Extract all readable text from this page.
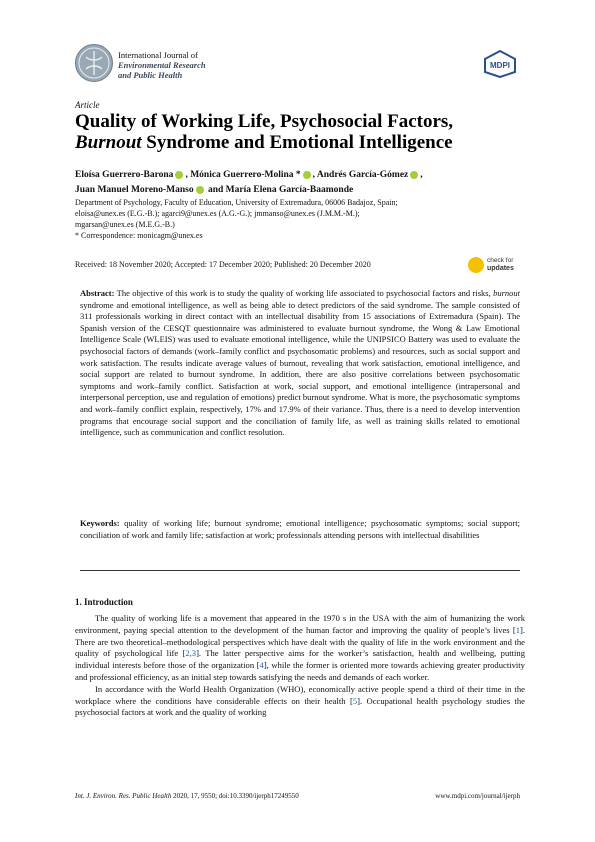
International Journal of
Environmental Research
and Public Health
MDPI
Article
Quality of Working Life, Psychosocial Factors,
Burnout Syndrome and Emotional Intelligence
Eloísa Guerrero-Barona , Mónica Guerrero-Molina * , Andrés García-Gómez ,
Juan Manuel Moreno-Manso and María Elena García-Baamonde
Department of Psychology, Faculty of Education, University of Extremadura, 06006 Badajoz, Spain;
eloisa@unex.es (E.G.-B.); agarci9@unex.es (A.G.-G.); jmmanso@unex.es (J.M.M.-M.);
mgarsan@unex.es (M.E.G.-B.)
* Correspondence: monicagm@unex.es
Received: 18 November 2020; Accepted: 17 December 2020; Published: 20 December 2020	check for
updates
Abstract: The objective of this work is to study the quality of working life associated to psychosocial factors and risks, burnout syndrome and emotional intelligence, as well as being able to detect predictors of the said syndrome. The sample consisted of 311 professionals working in direct contact with an intellectual disability from 15 associations of Extremadura (Spain). The Spanish version of the CESQT questionnaire was administered to evaluate burnout syndrome, the Wong & Law Emotional Intelligence Scale (WLEIS) was used to evaluate emotional intelligence, while the UNIPSICO Battery was used to evaluate the psychosocial factors of demands (work–family conflict and psychosomatic problems) and resources, such as social support and work satisfaction. The results indicate average values of burnout, revealing that work satisfaction, emotional intelligence, and social support are related to burnout syndrome. In addition, there are also positive correlations between psychosomatic symptoms and work–family conflict. Satisfaction at work, social support, and emotional intelligence (intrapersonal and interpersonal perception, use and regulation of emotions) predict burnout syndrome. What is more, the psychosomatic symptoms and work–family conflict explain, respectively, 17% and 17.9% of their variance. Thus, there is a need to develop intervention programs that encourage social support and the conciliation of family life, as well as training skills related to emotional intelligence, such as communication and conflict resolution.
Keywords: quality of working life; burnout syndrome; emotional intelligence; psychosomatic symptoms; social support; conciliation of work and family life; satisfaction at work; professionals attending persons with intellectual disabilities
1. Introduction

The quality of working life is a movement that appeared in the 1970 s in the USA with the aim of humanizing the work environment, paying special attention to the development of the human factor and improving the quality of people’s lives [1]. There are two theoretical–methodological perspectives which have dealt with the quality of life in the work environment and the quality of psychological life [2,3]. The latter perspective aims for the worker’s satisfaction, health and wellbeing, putting individual interests before those of the organization [4], while the former is oriented more towards achieving greater productivity and professional efficiency, as an initial step towards satisfying the needs and demands of each worker.

In accordance with the World Health Organization (WHO), economically active people spend a third of their time in the workplace where the conditions have considerable effects on their health [5]. Occupational health psychology studies the psychosocial factors at work and the quality of working

Int. J. Environ. Res. Public Health 2020, 17, 9550; doi:10.3390/ijerph17249550	www.mdpi.com/journal/ijerph
